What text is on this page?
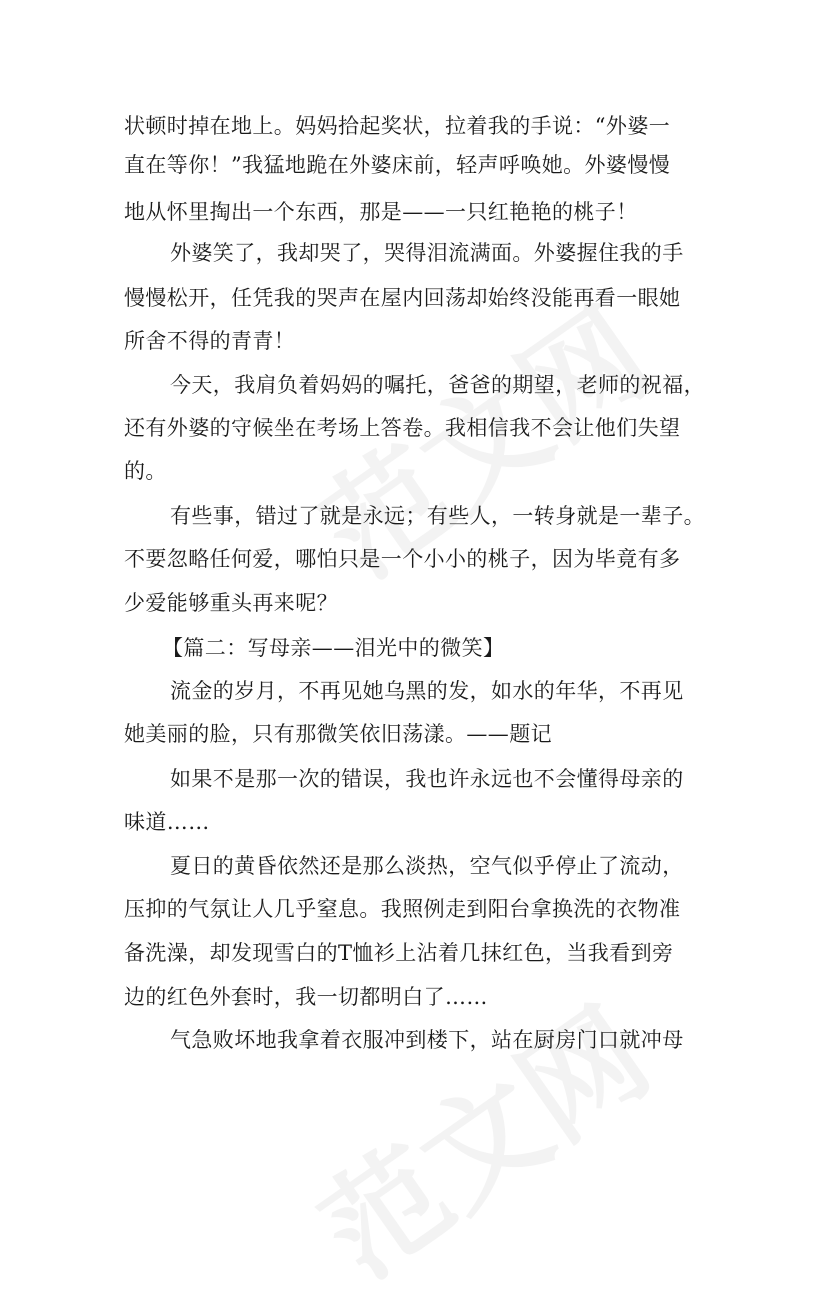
状顿时掉在地上。妈妈拾起奖状，拉着我的手说：“外婆一
直在等你！”我猛地跪在外婆床前，轻声呼唤她。外婆慢慢
地从怀里掏出一个东西，那是——一只红艳艳的桃子！
外婆笑了，我却哭了，哭得泪流满面。外婆握住我的手
慢慢松开，任凭我的哭声在屋内回荡却始终没能再看一眼她
所舍不得的青青！
今天，我肩负着妈妈的嘱托，爸爸的期望，老师的祝福，
还有外婆的守候坐在考场上答卷。我相信我不会让他们失望
的。
有些事，错过了就是永远；有些人，一转身就是一辈子。
不要忽略任何爱，哪怕只是一个小小的桃子，因为毕竟有多
少爱能够重头再来呢？
【篇二：写母亲——泪光中的微笑】
流金的岁月，不再见她乌黑的发，如水的年华，不再见
她美丽的脸，只有那微笑依旧荡漾。——题记
如果不是那一次的错误，我也许永远也不会懂得母亲的
味道……
夏日的黄昏依然还是那么淡热，空气似乎停止了流动，
压抑的气氛让人几乎窒息。我照例走到阳台拿换洗的衣物准
备洗澡，却发现雪白的T恤衫上沾着几抹红色，当我看到旁
边的红色外套时，我一切都明白了……
气急败坏地我拿着衣服冲到楼下，站在厨房门口就冲母
